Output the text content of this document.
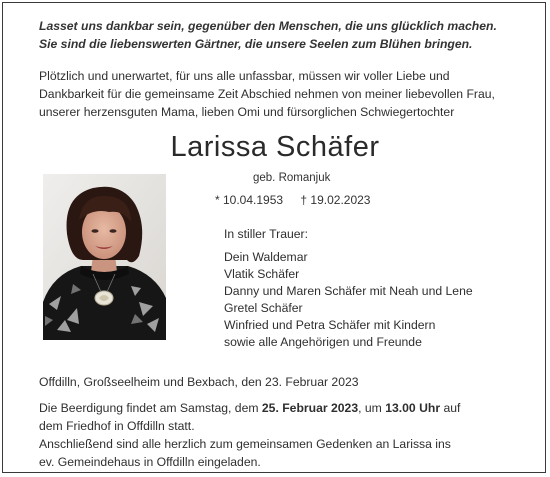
Lasset uns dankbar sein, gegenüber den Menschen, die uns glücklich machen.
Sie sind die liebenswerten Gärtner, die unsere Seelen zum Blühen bringen.
Plötzlich und unerwartet, für uns alle unfassbar, müssen wir voller Liebe und
Dankbarkeit für die gemeinsame Zeit Abschied nehmen von meiner liebevollen Frau,
unserer herzensguten Mama, lieben Omi und fürsorglichen Schwiegertochter
Larissa Schäfer
geb. Romanjuk
* 10.04.1953 † 19.02.2023
In stiller Trauer:
Dein Waldemar
Vlatik Schäfer
Danny und Maren Schäfer mit Neah und Lene
Gretel Schäfer
Winfried und Petra Schäfer mit Kindern
sowie alle Angehörigen und Freunde
Offdilln, Großseelheim und Bexbach, den 23. Februar 2023
Die Beerdigung findet am Samstag, dem 25. Februar 2023, um 13.00 Uhr auf
dem Friedhof in Offdilln statt.
Anschließend sind alle herzlich zum gemeinsamen Gedenken an Larissa ins
ev. Gemeindehaus in Offdilln eingeladen.
